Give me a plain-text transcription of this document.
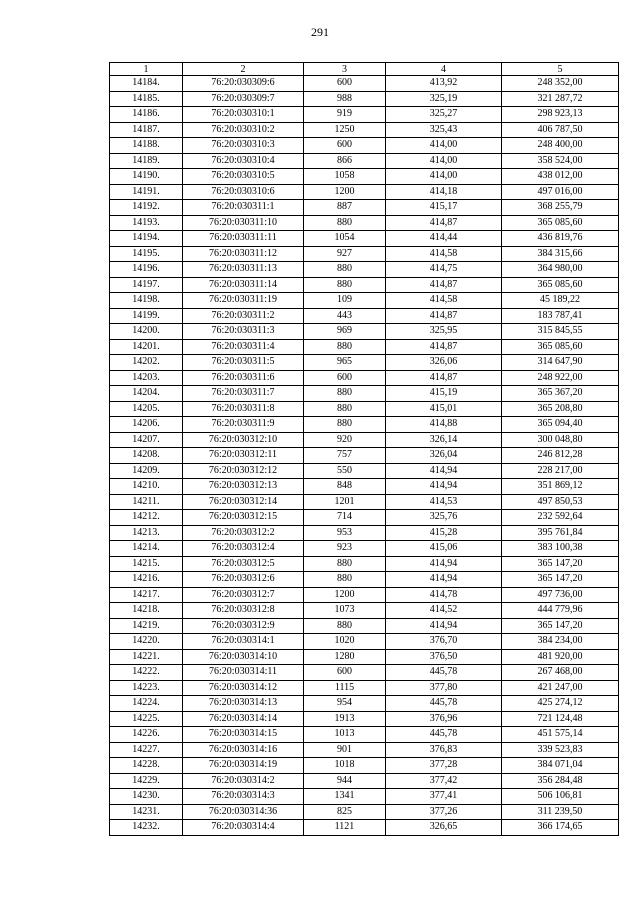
291
1	2	3	4	5
14184.	76:20:030309:6	600	413,92	248 352,00
14185.	76:20:030309:7	988	325,19	321 287,72
14186.	76:20:030310:1	919	325,27	298 923,13
14187.	76:20:030310:2	1250	325,43	406 787,50
14188.	76:20:030310:3	600	414,00	248 400,00
14189.	76:20:030310:4	866	414,00	358 524,00
14190.	76:20:030310:5	1058	414,00	438 012,00
14191.	76:20:030310:6	1200	414,18	497 016,00
14192.	76:20:030311:1	887	415,17	368 255,79
14193.	76:20:030311:10	880	414,87	365 085,60
14194.	76:20:030311:11	1054	414,44	436 819,76
14195.	76:20:030311:12	927	414,58	384 315,66
14196.	76:20:030311:13	880	414,75	364 980,00
14197.	76:20:030311:14	880	414,87	365 085,60
14198.	76:20:030311:19	109	414,58	45 189,22
14199.	76:20:030311:2	443	414,87	183 787,41
14200.	76:20:030311:3	969	325,95	315 845,55
14201.	76:20:030311:4	880	414,87	365 085,60
14202.	76:20:030311:5	965	326,06	314 647,90
14203.	76:20:030311:6	600	414,87	248 922,00
14204.	76:20:030311:7	880	415,19	365 367,20
14205.	76:20:030311:8	880	415,01	365 208,80
14206.	76:20:030311:9	880	414,88	365 094,40
14207.	76:20:030312:10	920	326,14	300 048,80
14208.	76:20:030312:11	757	326,04	246 812,28
14209.	76:20:030312:12	550	414,94	228 217,00
14210.	76:20:030312:13	848	414,94	351 869,12
14211.	76:20:030312:14	1201	414,53	497 850,53
14212.	76:20:030312:15	714	325,76	232 592,64
14213.	76:20:030312:2	953	415,28	395 761,84
14214.	76:20:030312:4	923	415,06	383 100,38
14215.	76:20:030312:5	880	414,94	365 147,20
14216.	76:20:030312:6	880	414,94	365 147,20
14217.	76:20:030312:7	1200	414,78	497 736,00
14218.	76:20:030312:8	1073	414,52	444 779,96
14219.	76:20:030312:9	880	414,94	365 147,20
14220.	76:20:030314:1	1020	376,70	384 234,00
14221.	76:20:030314:10	1280	376,50	481 920,00
14222.	76:20:030314:11	600	445,78	267 468,00
14223.	76:20:030314:12	1115	377,80	421 247,00
14224.	76:20:030314:13	954	445,78	425 274,12
14225.	76:20:030314:14	1913	376,96	721 124,48
14226.	76:20:030314:15	1013	445,78	451 575,14
14227.	76:20:030314:16	901	376,83	339 523,83
14228.	76:20:030314:19	1018	377,28	384 071,04
14229.	76:20:030314:2	944	377,42	356 284,48
14230.	76:20:030314:3	1341	377,41	506 106,81
14231.	76:20:030314:36	825	377,26	311 239,50
14232.	76:20:030314:4	1121	326,65	366 174,65
